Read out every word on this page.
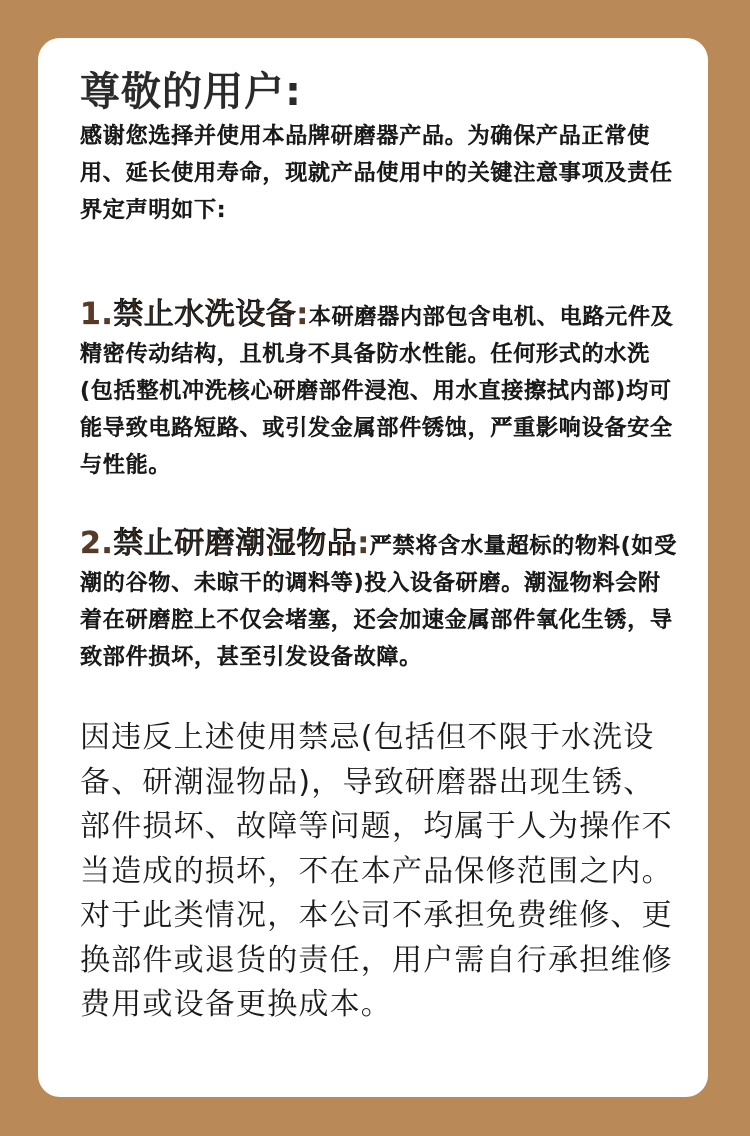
尊敬的用户:

感谢您选择并使用本品牌研磨器产品。为确保产品正常使用、延长使用寿命，现就产品使用中的关键注意事项及责任界定声明如下:

1.禁止水洗设备:本研磨器内部包含电机、电路元件及精密传动结构，且机身不具备防水性能。任何形式的水洗(包括整机冲洗核心研磨部件浸泡、用水直接擦拭内部)均可能导致电路短路、或引发金属部件锈蚀，严重影响设备安全与性能。

2.禁止研磨潮湿物品:严禁将含水量超标的物料(如受潮的谷物、未晾干的调料等)投入设备研磨。潮湿物料会附着在研磨腔上不仅会堵塞，还会加速金属部件氧化生锈，导致部件损坏，甚至引发设备故障。

因违反上述使用禁忌(包括但不限于水洗设备、研潮湿物品)，导致研磨器出现生锈、部件损坏、故障等问题，均属于人为操作不当造成的损坏，不在本产品保修范围之内。对于此类情况，本公司不承担免费维修、更换部件或退货的责任，用户需自行承担维修费用或设备更换成本。
